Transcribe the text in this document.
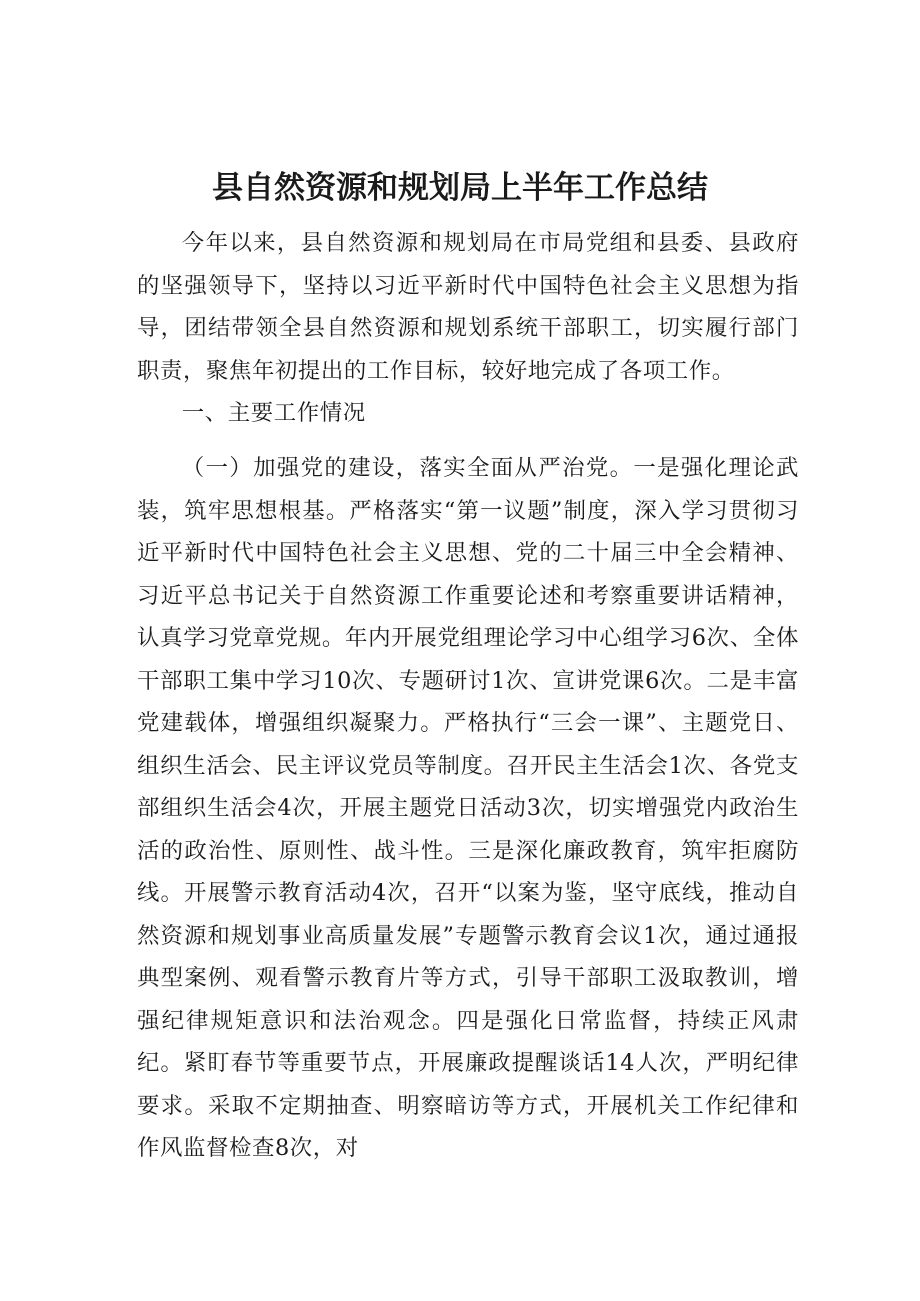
县自然资源和规划局上半年工作总结

今年以来，县自然资源和规划局在市局党组和县委、县政府的坚强领导下，坚持以习近平新时代中国特色社会主义思想为指导，团结带领全县自然资源和规划系统干部职工，切实履行部门职责，聚焦年初提出的工作目标，较好地完成了各项工作。

一、主要工作情况

（一）加强党的建设，落实全面从严治党。一是强化理论武装，筑牢思想根基。严格落实“第一议题”制度，深入学习贯彻习近平新时代中国特色社会主义思想、党的二十届三中全会精神、习近平总书记关于自然资源工作重要论述和考察重要讲话精神，认真学习党章党规。年内开展党组理论学习中心组学习6次、全体干部职工集中学习10次、专题研讨1次、宣讲党课6次。二是丰富党建载体，增强组织凝聚力。严格执行“三会一课”、主题党日、组织生活会、民主评议党员等制度。召开民主生活会1次、各党支部组织生活会4次，开展主题党日活动3次，切实增强党内政治生活的政治性、原则性、战斗性。三是深化廉政教育，筑牢拒腐防线。开展警示教育活动4次，召开“以案为鉴，坚守底线，推动自然资源和规划事业高质量发展”专题警示教育会议1次，通过通报典型案例、观看警示教育片等方式，引导干部职工汲取教训，增强纪律规矩意识和法治观念。四是强化日常监督，持续正风肃纪。紧盯春节等重要节点，开展廉政提醒谈话14人次，严明纪律要求。采取不定期抽查、明察暗访等方式，开展机关工作纪律和作风监督检查8次，对
